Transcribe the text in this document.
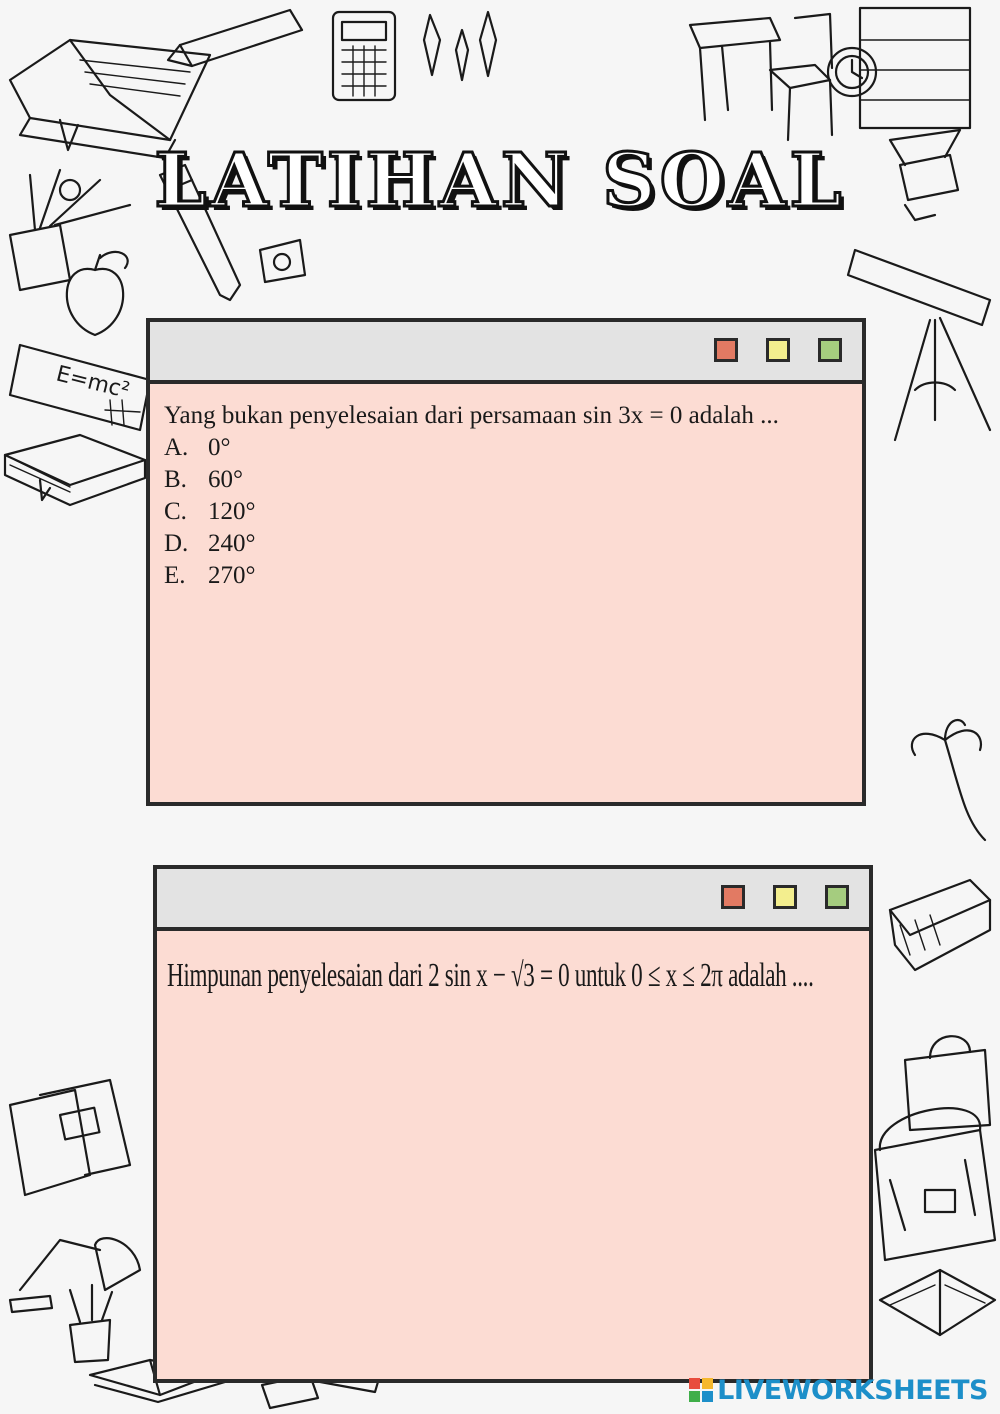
E=mc²
LATIHAN SOAL
Yang bukan penyelesaian dari persamaan sin 3x = 0 adalah ...
A. 0°
B. 60°
C. 120°
D. 240°
E. 270°
Himpunan penyelesaian dari 2 sin x − √3 = 0 untuk 0 ≤ x ≤ 2π adalah ....
LIVEWORKSHEETS
